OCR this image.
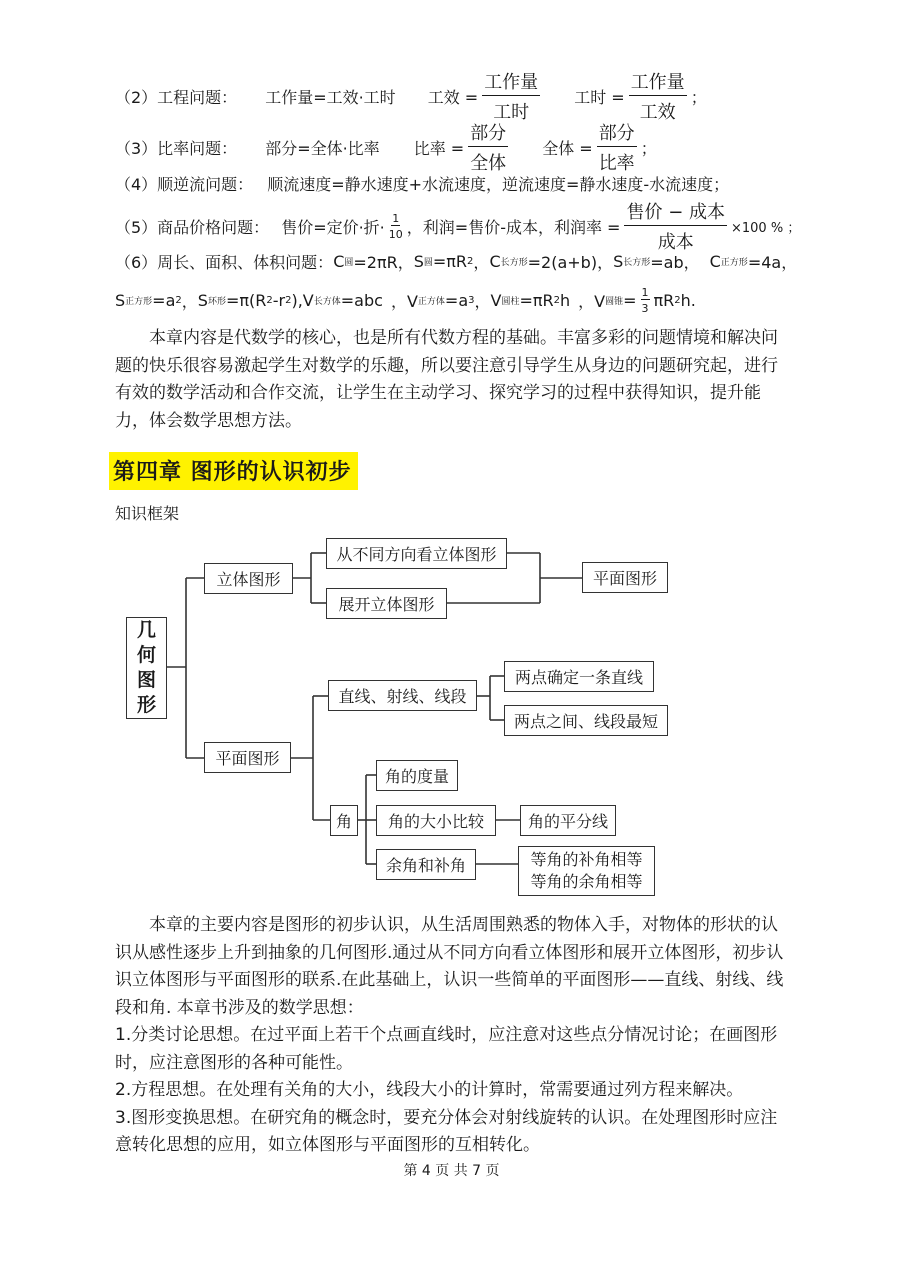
（2）工程问题： 工作量=工效·工时 工效 = $\frac{\text{工作量}}{\text{工时}}$ 工时 = $\frac{\text{工作量}}{\text{工效}}$ ；
（3）比率问题： 部分=全体·比率 比率 = $\frac{\text{部分}}{\text{全体}}$ 全体 = $\frac{\text{部分}}{\text{比率}}$ ；
（4）顺逆流问题： 顺流速度=静水速度+水流速度，逆流速度=静水速度-水流速度；
（5）商品价格问题： 售价=定价·折· $\frac{1}{10}$ ，利润=售价-成本，利润率 = $\frac{\text{售价 − 成本}}{\text{成本}} \times 100$ % ；
（6）周长、面积、体积问题： C 圆 =2πR， S 圆 =πR 2 ， C 长方形 =2(a+b)， S 长方形 =ab， C 正方形 =4a，
S 正方形 =a 2 ， S 环形 =π(R 2 -r 2 ), V 长方体 =abc ，V 正方体 =a 3 ， V 圆柱 =πR 2 h ，V 圆锥 = $\frac{1}{3}$ πR 2 h.
本章内容是代数学的核心，也是所有代数方程的基础。丰富多彩的问题情境和解决问题的快乐很容易激起学生对数学的乐趣，所以要注意引导学生从身边的问题研究起，进行有效的数学活动和合作交流，让学生在主动学习、探究学习的过程中获得知识，提升能力，体会数学思想方法。
第四章 图形的认识初步
知识框架
几
何
图
形
立体图形
从不同方向看立体图形
展开立体图形
平面图形
平面图形
直线、射线、线段
两点确定一条直线
两点之间、线段最短
角
角的度量
角的大小比较	角的平分线
余角和补角	等角的补角相等
等角的余角相等
　　本章的主要内容是图形的初步认识，从生活周围熟悉的物体入手，对物体的形状的认识从感性逐步上升到抽象的几何图形.通过从不同方向看立体图形和展开立体图形，初步认识立体图形与平面图形的联系.在此基础上，认识一些简单的平面图形——直线、射线、线段和角. 本章书涉及的数学思想：
1.分类讨论思想。在过平面上若干个点画直线时，应注意对这些点分情况讨论；在画图形时，应注意图形的各种可能性。
2.方程思想。在处理有关角的大小，线段大小的计算时，常需要通过列方程来解决。
3.图形变换思想。在研究角的概念时，要充分体会对射线旋转的认识。在处理图形时应注意转化思想的应用，如立体图形与平面图形的互相转化。
第 4 页 共 7 页
